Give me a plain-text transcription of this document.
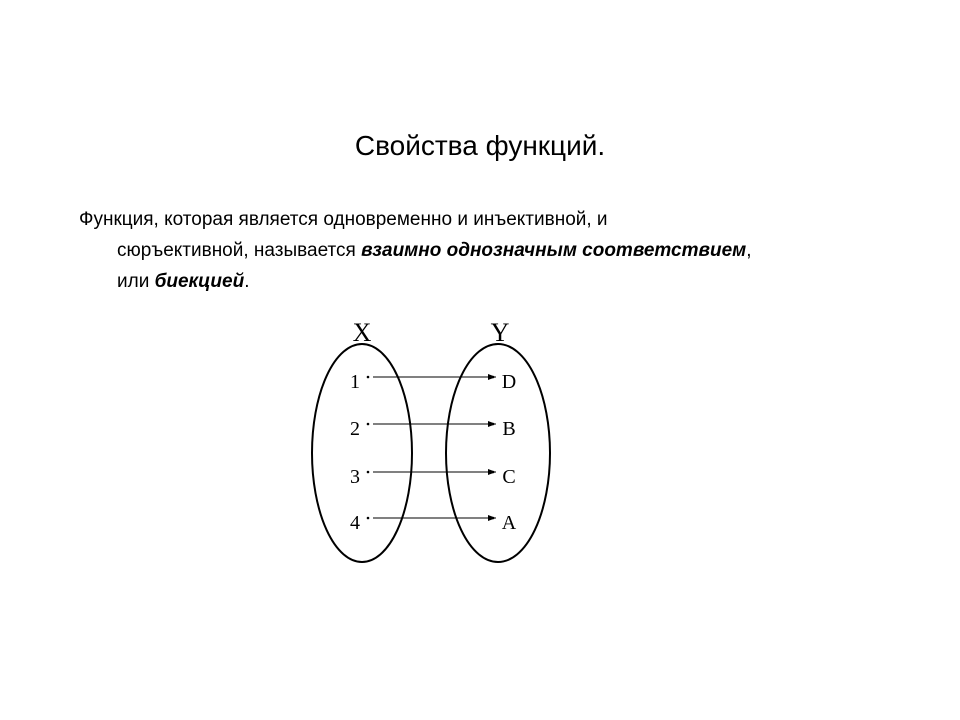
Свойства функций.
Функция, которая является одновременно и инъективной, и
сюръективной, называется взаимно однозначным соответствием, или биекцией.
X	Y
1
2
3
4
D
B
C
A
